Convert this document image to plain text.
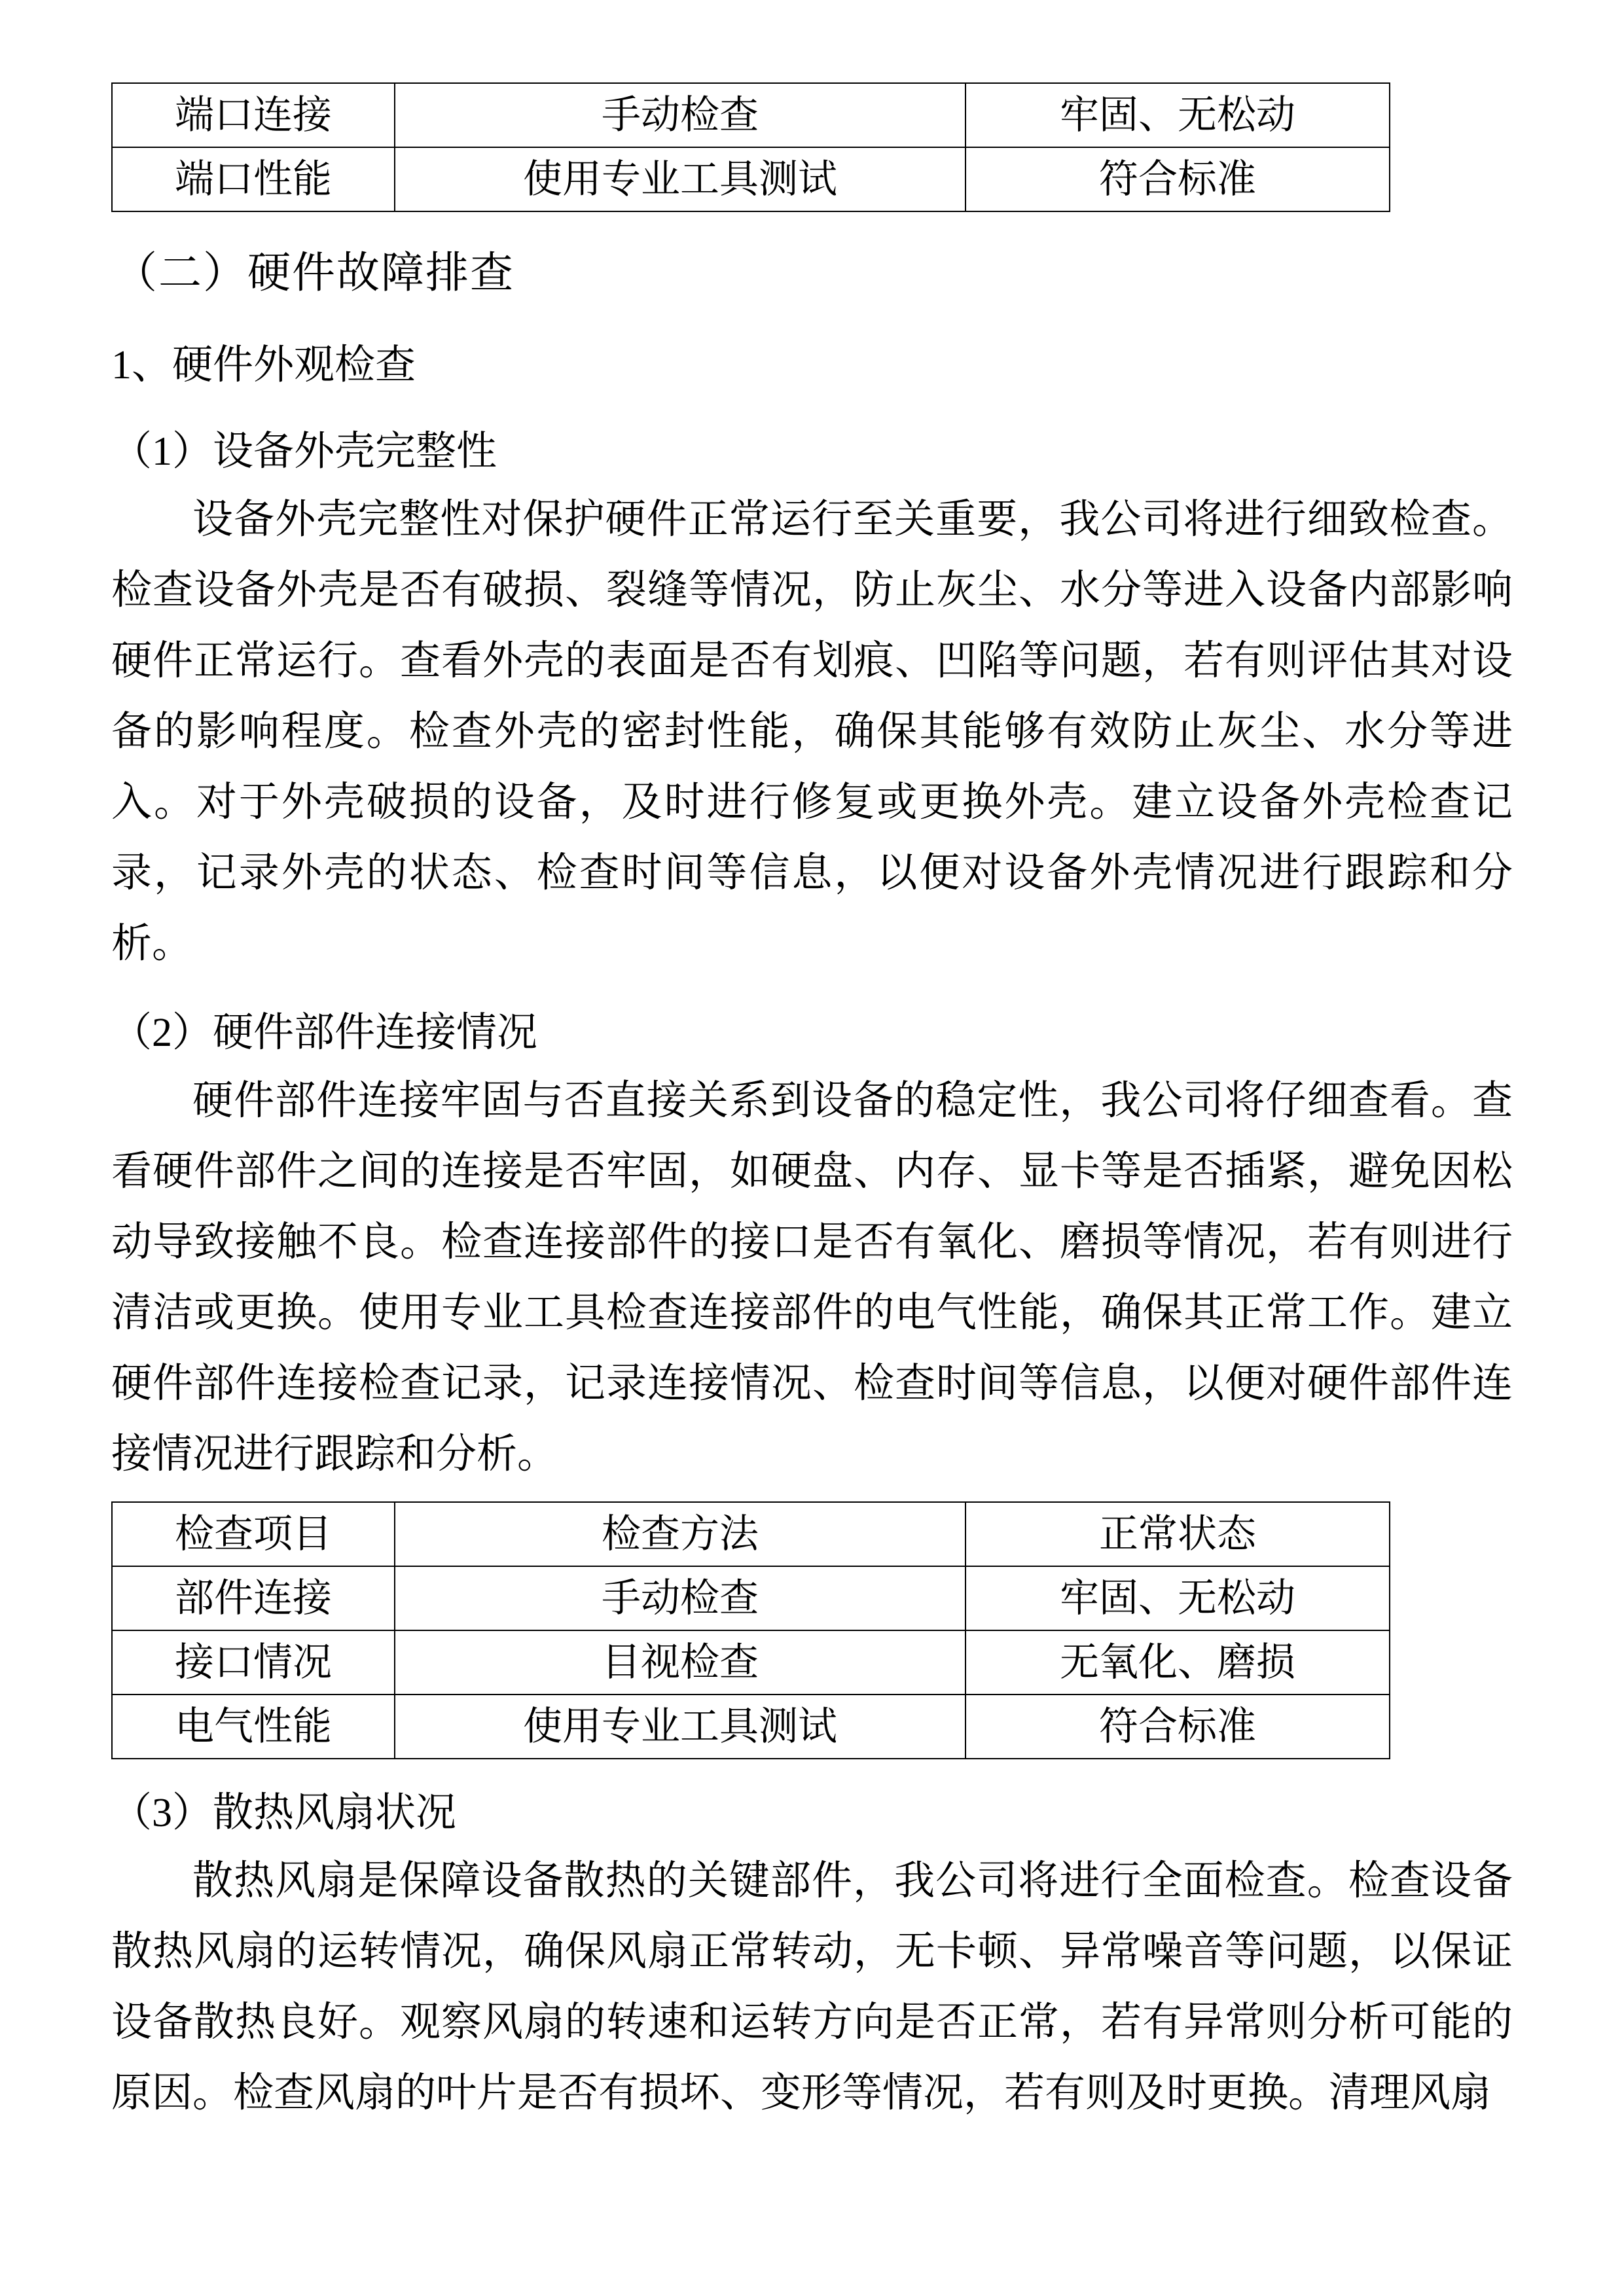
端口连接	手动检查	牢固、无松动
端口性能	使用专业工具测试	符合标准
（二）硬件故障排查
1、硬件外观检查

（1）设备外壳完整性

设备外壳完整性对保护硬件正常运行至关重要，我公司将进行细致检查。检查设备外壳是否有破损、裂缝等情况，防止灰尘、水分等进入设备内部影响硬件正常运行。查看外壳的表面是否有划痕、凹陷等问题，若有则评估其对设备的影响程度。检查外壳的密封性能，确保其能够有效防止灰尘、水分等进入。对于外壳破损的设备，及时进行修复或更换外壳。建立设备外壳检查记录，记录外壳的状态、检查时间等信息，以便对设备外壳情况进行跟踪和分析。

（2）硬件部件连接情况

硬件部件连接牢固与否直接关系到设备的稳定性，我公司将仔细查看。查看硬件部件之间的连接是否牢固，如硬盘、内存、显卡等是否插紧，避免因松动导致接触不良。检查连接部件的接口是否有氧化、磨损等情况，若有则进行清洁或更换。使用专业工具检查连接部件的电气性能，确保其正常工作。建立硬件部件连接检查记录，记录连接情况、检查时间等信息，以便对硬件部件连接情况进行跟踪和分析。

检查项目	检查方法	正常状态
部件连接	手动检查	牢固、无松动
接口情况	目视检查	无氧化、磨损
电气性能	使用专业工具测试	符合标准

（3）散热风扇状况

散热风扇是保障设备散热的关键部件，我公司将进行全面检查。检查设备散热风扇的运转情况，确保风扇正常转动，无卡顿、异常噪音等问题，以保证设备散热良好。观察风扇的转速和运转方向是否正常，若有异常则分析可能的原因。检查风扇的叶片是否有损坏、变形等情况，若有则及时更换。清理风扇
